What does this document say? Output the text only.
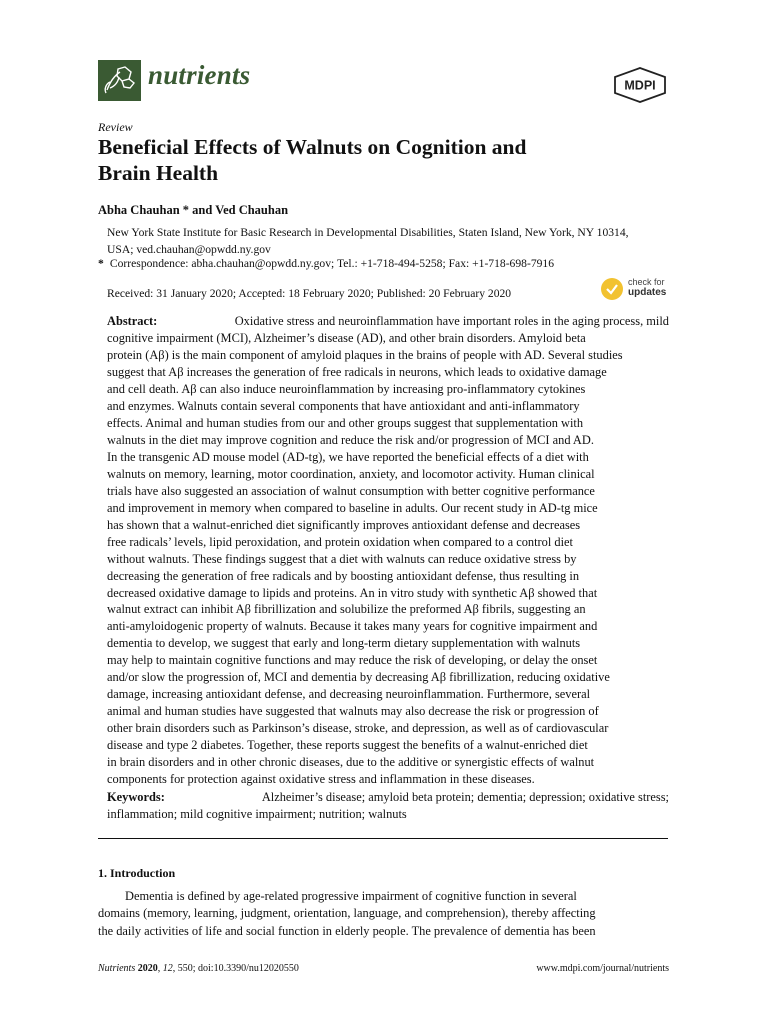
nutrients	MDPI
Review
Beneficial Effects of Walnuts on Cognition and
Brain Health
Abha Chauhan * and Ved Chauhan
New York State Institute for Basic Research in Developmental Disabilities, Staten Island, New York, NY 10314,
USA; ved.chauhan@opwdd.ny.gov
* Correspondence: abha.chauhan@opwdd.ny.gov; Tel.: +1-718-494-5258; Fax: +1-718-698-7916
Received: 31 January 2020; Accepted: 18 February 2020; Published: 20 February 2020
check for
updates
Abstract:	Oxidative stress and neuroinflammation have important roles in the aging process, mild
cognitive impairment (MCI), Alzheimer’s disease (AD), and other brain disorders. Amyloid beta
protein (Aβ) is the main component of amyloid plaques in the brains of people with AD. Several studies
suggest that Aβ increases the generation of free radicals in neurons, which leads to oxidative damage
and cell death. Aβ can also induce neuroinflammation by increasing pro-inflammatory cytokines
and enzymes. Walnuts contain several components that have antioxidant and anti-inflammatory
effects. Animal and human studies from our and other groups suggest that supplementation with
walnuts in the diet may improve cognition and reduce the risk and/or progression of MCI and AD.
In the transgenic AD mouse model (AD-tg), we have reported the beneficial effects of a diet with
walnuts on memory, learning, motor coordination, anxiety, and locomotor activity. Human clinical
trials have also suggested an association of walnut consumption with better cognitive performance
and improvement in memory when compared to baseline in adults. Our recent study in AD-tg mice
has shown that a walnut-enriched diet significantly improves antioxidant defense and decreases
free radicals’ levels, lipid peroxidation, and protein oxidation when compared to a control diet
without walnuts. These findings suggest that a diet with walnuts can reduce oxidative stress by
decreasing the generation of free radicals and by boosting antioxidant defense, thus resulting in
decreased oxidative damage to lipids and proteins. An in vitro study with synthetic Aβ showed that
walnut extract can inhibit Aβ fibrillization and solubilize the preformed Aβ fibrils, suggesting an
anti-amyloidogenic property of walnuts. Because it takes many years for cognitive impairment and
dementia to develop, we suggest that early and long-term dietary supplementation with walnuts
may help to maintain cognitive functions and may reduce the risk of developing, or delay the onset
and/or slow the progression of, MCI and dementia by decreasing Aβ fibrillization, reducing oxidative
damage, increasing antioxidant defense, and decreasing neuroinflammation. Furthermore, several
animal and human studies have suggested that walnuts may also decrease the risk or progression of
other brain disorders such as Parkinson’s disease, stroke, and depression, as well as of cardiovascular
disease and type 2 diabetes. Together, these reports suggest the benefits of a walnut-enriched diet
in brain disorders and in other chronic diseases, due to the additive or synergistic effects of walnut
components for protection against oxidative stress and inflammation in these diseases.
Keywords:	Alzheimer’s disease; amyloid beta protein; dementia; depression; oxidative stress;
inflammation; mild cognitive impairment; nutrition; walnuts
1. Introduction
Dementia is defined by age-related progressive impairment of cognitive function in several
domains (memory, learning, judgment, orientation, language, and comprehension), thereby affecting
the daily activities of life and social function in elderly people. The prevalence of dementia has been
Nutrients 2020, 12, 550; doi:10.3390/nu12020550	www.mdpi.com/journal/nutrients
